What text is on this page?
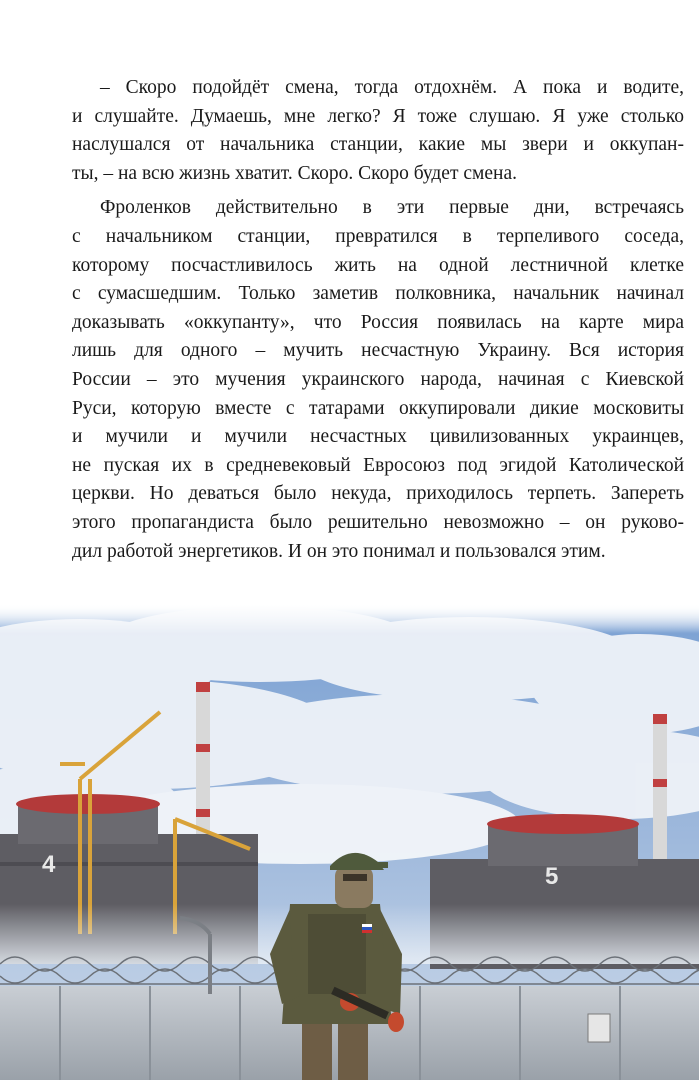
– Скоро подойдёт смена, тогда отдохнём. А пока и водите,
и слушайте. Думаешь, мне легко? Я тоже слушаю. Я уже столько
наслушался от начальника станции, какие мы звери и оккупан-
ты, – на всю жизнь хватит. Скоро. Скоро будет смена.

Фроленков действительно в эти первые дни, встречаясь
с начальником станции, превратился в терпеливого соседа,
которому посчастливилось жить на одной лестничной клетке
с сумасшедшим. Только заметив полковника, начальник начинал
доказывать «оккупанту», что Россия появилась на карте мира
лишь для одного – мучить несчастную Украину. Вся история
России – это мучения украинского народа, начиная с Киевской
Руси, которую вместе с татарами оккупировали дикие московиты
и мучили и мучили несчастных цивилизованных украинцев,
не пуская их в средневековый Евросоюз под эгидой Католической
церкви. Но деваться было некуда, приходилось терпеть. Запереть
этого пропагандиста было решительно невозможно – он руково-
дил работой энергетиков. И он это понимал и пользовался этим.

4	5
